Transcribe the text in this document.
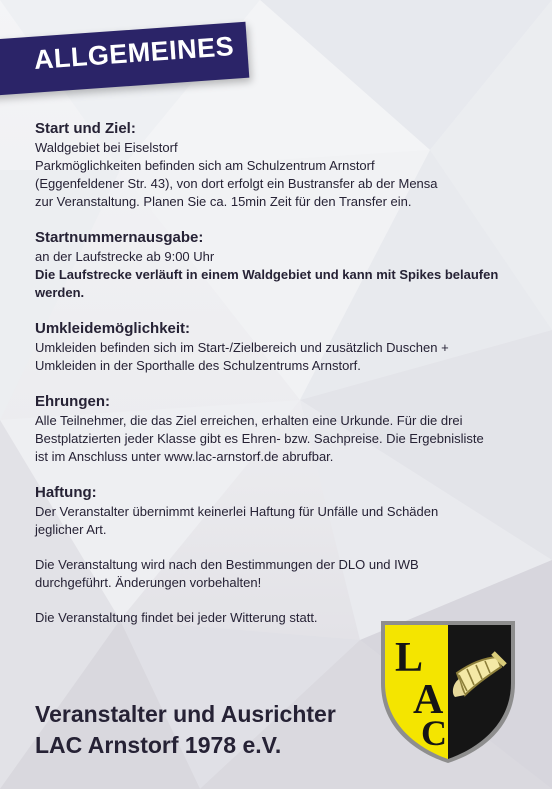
ALLGEMEINES
Start und Ziel:

Waldgebiet bei Eiselstorf

Parkmöglichkeiten befinden sich am Schulzentrum Arnstorf

(Eggenfeldener Str. 43), von dort erfolgt ein Bustransfer ab der Mensa

zur Veranstaltung. Planen Sie ca. 15min Zeit für den Transfer ein.

Startnummernausgabe:

an der Laufstrecke ab 9:00 Uhr

Die Laufstrecke verläuft in einem Waldgebiet und kann mit Spikes belaufen

werden.

Umkleidemöglichkeit:

Umkleiden befinden sich im Start-/Zielbereich und zusätzlich Duschen +

Umkleiden in der Sporthalle des Schulzentrums Arnstorf.

Ehrungen:

Alle Teilnehmer, die das Ziel erreichen, erhalten eine Urkunde. Für die drei

Bestplatzierten jeder Klasse gibt es Ehren- bzw. Sachpreise. Die Ergebnisliste

ist im Anschluss unter www.lac-arnstorf.de abrufbar.

Haftung:

Der Veranstalter übernimmt keinerlei Haftung für Unfälle und Schäden

jeglicher Art.

Die Veranstaltung wird nach den Bestimmungen der DLO und IWB

durchgeführt. Änderungen vorbehalten!

Die Veranstaltung findet bei jeder Witterung statt.

Veranstalter und Ausrichter
LAC Arnstorf 1978 e.V.
L
A
C
